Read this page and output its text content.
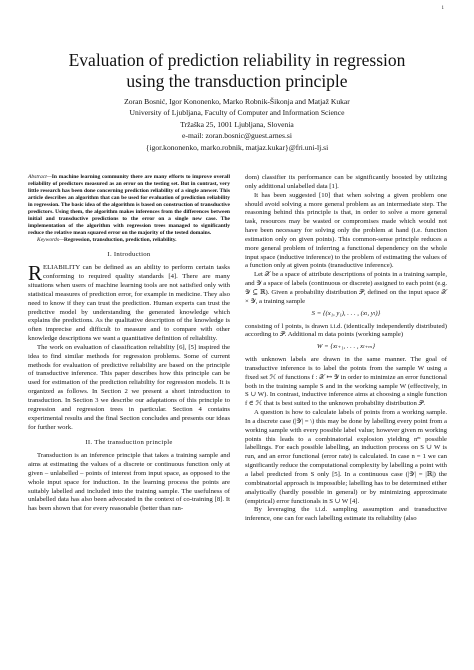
1
Evaluation of prediction reliability in regression
using the transduction principle
Zoran Bosnić, Igor Kononenko, Marko Robnik-Šikonja and Matjaž Kukar
University of Ljubljana, Faculty of Computer and Information Science
Tržaška 25, 1001 Ljubljana, Slovenia
e-mail: zoran.bosnic@guest.arnes.si
{igor.kononenko, marko.robnik, matjaz.kukar}@fri.uni-lj.si

Abstract—In machine learning community there are many efforts to improve overall reliability of predictors measured as an error on the testing set. But in contrast, very little research has been done concerning prediction reliability of a single answer. This article describes an algorithm that can be used for evaluation of prediction reliability in regression. The basic idea of the algorithm is based on construction of transductive predictors. Using them, the algorithm makes inferences from the differences between initial and transductive predictions to the error on a single new case. The implementation of the algorithm with regression trees managed to significantly reduce the relative mean squared error on the majority of the tested domains.

Keywords—Regression, transduction, prediction, reliability.

I. Introduction

RELIABILITY can be defined as an ability to perform certain tasks conforming to required quality standards [4]. There are many situations when users of machine learning tools are not satisfied only with statistical measures of prediction error, for example in medicine. They also need to know if they can trust the prediction. Human experts can trust the predictive model by understanding the generated knowledge which explains the predictions. As the qualitative description of the knowledge is often imprecise and difficult to measure and to compare with other knowledge descriptions we want a quantitative definition of reliability.

The work on evaluation of classification reliability [6], [5] inspired the idea to find similar methods for regression problems. Some of current methods for evaluation of predictive reliability are based on the principle of transductive inference. This paper describes how this principle can be used for estimation of the prediction reliability for regression models. It is organized as follows. In Section 2 we present a short introduction to transduction. In Section 3 we describe our adaptations of this principle to regression and regression trees in particular. Section 4 contains experimental results and the final Section concludes and presents our ideas for further work.

II. The transduction principle

Transduction is an inference principle that takes a training sample and aims at estimating the values of a discrete or continuous function only at given – unlabelled – points of interest from input space, as opposed to the whole input space for induction. In the learning process the points are suitably labelled and included into the training sample. The usefulness of unlabelled data has also been advocated in the context of co-training [8]. It has been shown that for every reasonable (better than ran-

dom) classifier its performance can be significantly boosted by utilizing only additional unlabelled data [1].

It has been suggested [10] that when solving a given problem one should avoid solving a more general problem as an intermediate step. The reasoning behind this principle is that, in order to solve a more general task, resources may be wasted or compromises made which would not have been necessary for solving only the problem at hand (i.e. function estimation only on given points). This common-sense principle reduces a more general problem of inferring a functional dependency on the whole input space (inductive inference) to the problem of estimating the values of a function only at given points (transductive inference).

Let 𝒳 be a space of attribute descriptions of points in a training sample, and 𝒴 a space of labels (continuous or discrete) assigned to each point (e.g. 𝒴 ⊆ ℝ). Given a probability distribution 𝒫, defined on the input space 𝒳 × 𝒴, a training sample

S = {(x₁, y₁), . . . , (xₗ, yₗ)}

consisting of l points, is drawn i.i.d. (identically independently distributed) according to 𝒫. Additional m data points (working sample)

W = {xₗ₊₁, . . . , xₗ₊ₘ}

with unknown labels are drawn in the same manner. The goal of transductive inference is to label the points from the sample W using a fixed set ℋ of functions f : 𝒳 ↦ 𝒴 in order to minimize an error functional both in the training sample S and in the working sample W (effectively, in S ∪ W). In contrast, inductive inference aims at choosing a single function f ∈ ℋ that is best suited to the unknown probability distribution 𝒫.

A question is how to calculate labels of points from a working sample. In a discrete case (|𝒴| = \) this may be done by labelling every point from a working sample with every possible label value; however given m working points this leads to a combinatorial explosion yielding nᵐ possible labellings. For each possible labelling, an induction process on S ∪ W is run, and an error functional (error rate) is calculated. In case n = 1 we can significantly reduce the computational complexity by labelling a point with a label predicted from S only [5]. In a continuous case (|𝒴| = |ℝ|) the combinatorial approach is impossible; labelling has to be determined either analytically (hardly possible in general) or by minimizing approximate (empirical) error functionals in S ∪ W [4].

By leveraging the i.i.d. sampling assumption and transductive inference, one can for each labelling estimate its reliability (also
